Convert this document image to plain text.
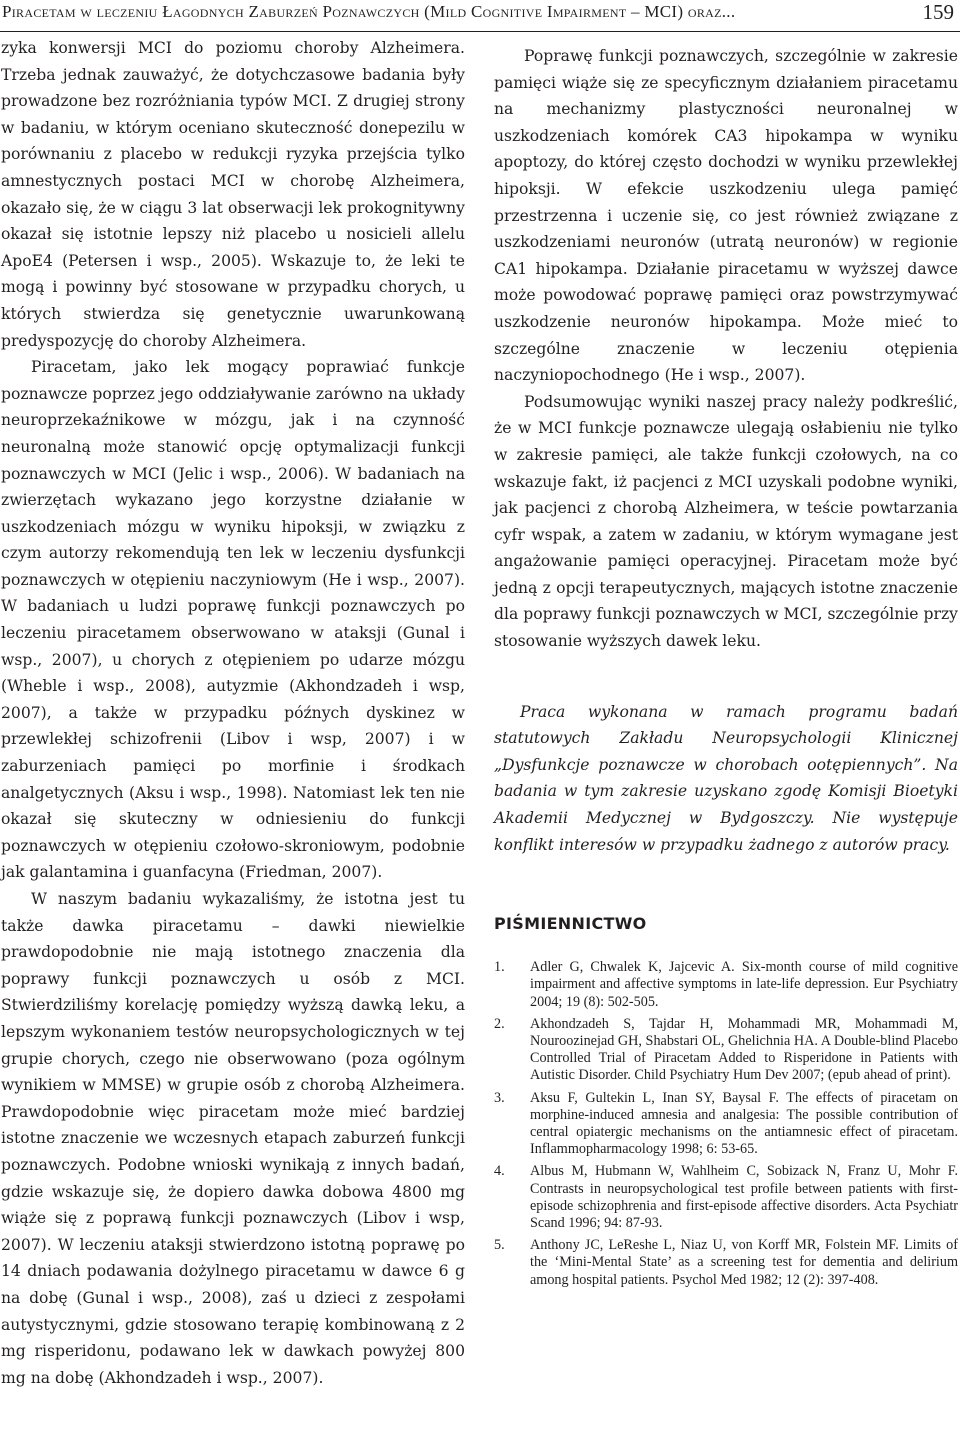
Piracetam w leczeniu Łagodnych Zaburzeń Poznawczych (Mild Cognitive Impairment – MCI) oraz...	159

zyka konwersji MCI do poziomu choroby Alzheimera. Trzeba jednak zauważyć, że dotychczasowe badania były prowadzone bez rozróżniania typów MCI. Z drugiej strony w badaniu, w którym oceniano skuteczność donepezilu w porównaniu z placebo w redukcji ryzyka przejścia tylko amnestycznych postaci MCI w chorobę Alzheimera, okazało się, że w ciągu 3 lat obserwacji lek prokognitywny okazał się istotnie lepszy niż placebo u nosicieli allelu ApoE4 (Petersen i wsp., 2005). Wskazuje to, że leki te mogą i powinny być stosowane w przypadku chorych, u których stwierdza się genetycznie uwarunkowaną predyspozycję do choroby Alzheimera.

Piracetam, jako lek mogący poprawiać funkcje poznawcze poprzez jego oddziaływanie zarówno na układy neuroprzekaźnikowe w mózgu, jak i na czynność neuronalną może stanowić opcję optymalizacji funkcji poznawczych w MCI (Jelic i wsp., 2006). W badaniach na zwierzętach wykazano jego korzystne działanie w uszkodzeniach mózgu w wyniku hipoksji, w związku z czym autorzy rekomendują ten lek w leczeniu dysfunkcji poznawczych w otępieniu naczyniowym (He i wsp., 2007). W badaniach u ludzi poprawę funkcji poznawczych po leczeniu piracetamem obserwowano w ataksji (Gunal i wsp., 2007), u chorych z otępieniem po udarze mózgu (Wheble i wsp., 2008), autyzmie (Akhondzadeh i wsp, 2007), a także w przypadku późnych dyskinez w przewlekłej schizofrenii (Libov i wsp, 2007) i w zaburzeniach pamięci po morfinie i środkach analgetycznych (Aksu i wsp., 1998). Natomiast lek ten nie okazał się skuteczny w odniesieniu do funkcji poznawczych w otępieniu czołowo-skroniowym, podobnie jak galantamina i guanfacyna (Friedman, 2007).

W naszym badaniu wykazaliśmy, że istotna jest tu także dawka piracetamu – dawki niewielkie prawdopodobnie nie mają istotnego znaczenia dla poprawy funkcji poznawczych u osób z MCI. Stwierdziliśmy korelację pomiędzy wyższą dawką leku, a lepszym wykonaniem testów neuropsychologicznych w tej grupie chorych, czego nie obserwowano (poza ogólnym wynikiem w MMSE) w grupie osób z chorobą Alzheimera. Prawdopodobnie więc piracetam może mieć bardziej istotne znaczenie we wczesnych etapach zaburzeń funkcji poznawczych. Podobne wnioski wynikają z innych badań, gdzie wskazuje się, że dopiero dawka dobowa 4800 mg wiąże się z poprawą funkcji poznawczych (Libov i wsp, 2007). W leczeniu ataksji stwierdzono istotną poprawę po 14 dniach podawania dożylnego piracetamu w dawce 6 g na dobę (Gunal i wsp., 2008), zaś u dzieci z zespołami autystycznymi, gdzie stosowano terapię kombinowaną z 2 mg risperidonu, podawano lek w dawkach powyżej 800 mg na dobę (Akhondzadeh i wsp., 2007).

Poprawę funkcji poznawczych, szczególnie w zakresie pamięci wiąże się ze specyficznym działaniem piracetamu na mechanizmy plastyczności neuronalnej w uszkodzeniach komórek CA3 hipokampa w wyniku apoptozy, do której często dochodzi w wyniku przewlekłej hipoksji. W efekcie uszkodzeniu ulega pamięć przestrzenna i uczenie się, co jest również związane z uszkodzeniami neuronów (utratą neuronów) w regionie CA1 hipokampa. Działanie piracetamu w wyższej dawce może powodować poprawę pamięci oraz powstrzymywać uszkodzenie neuronów hipokampa. Może mieć to szczególne znaczenie w leczeniu otępienia naczyniopochodnego (He i wsp., 2007).

Podsumowując wyniki naszej pracy należy podkreślić, że w MCI funkcje poznawcze ulegają osłabieniu nie tylko w zakresie pamięci, ale także funkcji czołowych, na co wskazuje fakt, iż pacjenci z MCI uzyskali podobne wyniki, jak pacjenci z chorobą Alzheimera, w teście powtarzania cyfr wspak, a zatem w zadaniu, w którym wymagane jest angażowanie pamięci operacyjnej. Piracetam może być jedną z opcji terapeutycznych, mających istotne znaczenie dla poprawy funkcji poznawczych w MCI, szczególnie przy stosowanie wyższych dawek leku.

Praca wykonana w ramach programu badań statutowych Zakładu Neuropsychologii Klinicznej „Dysfunkcje poznawcze w chorobach ootępiennych”. Na badania w tym zakresie uzyskano zgodę Komisji Bioetyki Akademii Medycznej w Bydgoszczy. Nie występuje konflikt interesów w przypadku żadnego z autorów pracy.

PIŚMIENNICTWO
1. Adler G, Chwalek K, Jajcevic A. Six-month course of mild cognitive impairment and affective symptoms in late-life depression. Eur Psychiatry 2004; 19 (8): 502-505.
2. Akhondzadeh S, Tajdar H, Mohammadi MR, Mohammadi M, Nouroozinejad GH, Shabstari OL, Ghelichnia HA. A Double-blind Placebo Controlled Trial of Piracetam Added to Risperidone in Patients with Autistic Disorder. Child Psychiatry Hum Dev 2007; (epub ahead of print).
3. Aksu F, Gultekin L, Inan SY, Baysal F. The effects of piracetam on morphine-induced amnesia and analgesia: The possible contribution of central opiatergic mechanisms on the antiamnesic effect of piracetam. Inflammopharmacology 1998; 6: 53-65.
4. Albus M, Hubmann W, Wahlheim C, Sobizack N, Franz U, Mohr F. Contrasts in neuropsychological test profile between patients with first-episode schizophrenia and first-episode affective disorders. Acta Psychiatr Scand 1996; 94: 87-93.
5. Anthony JC, LeReshe L, Niaz U, von Korff MR, Folstein MF. Limits of the ‘Mini-Mental State’ as a screening test for dementia and delirium among hospital patients. Psychol Med 1982; 12 (2): 397-408.
